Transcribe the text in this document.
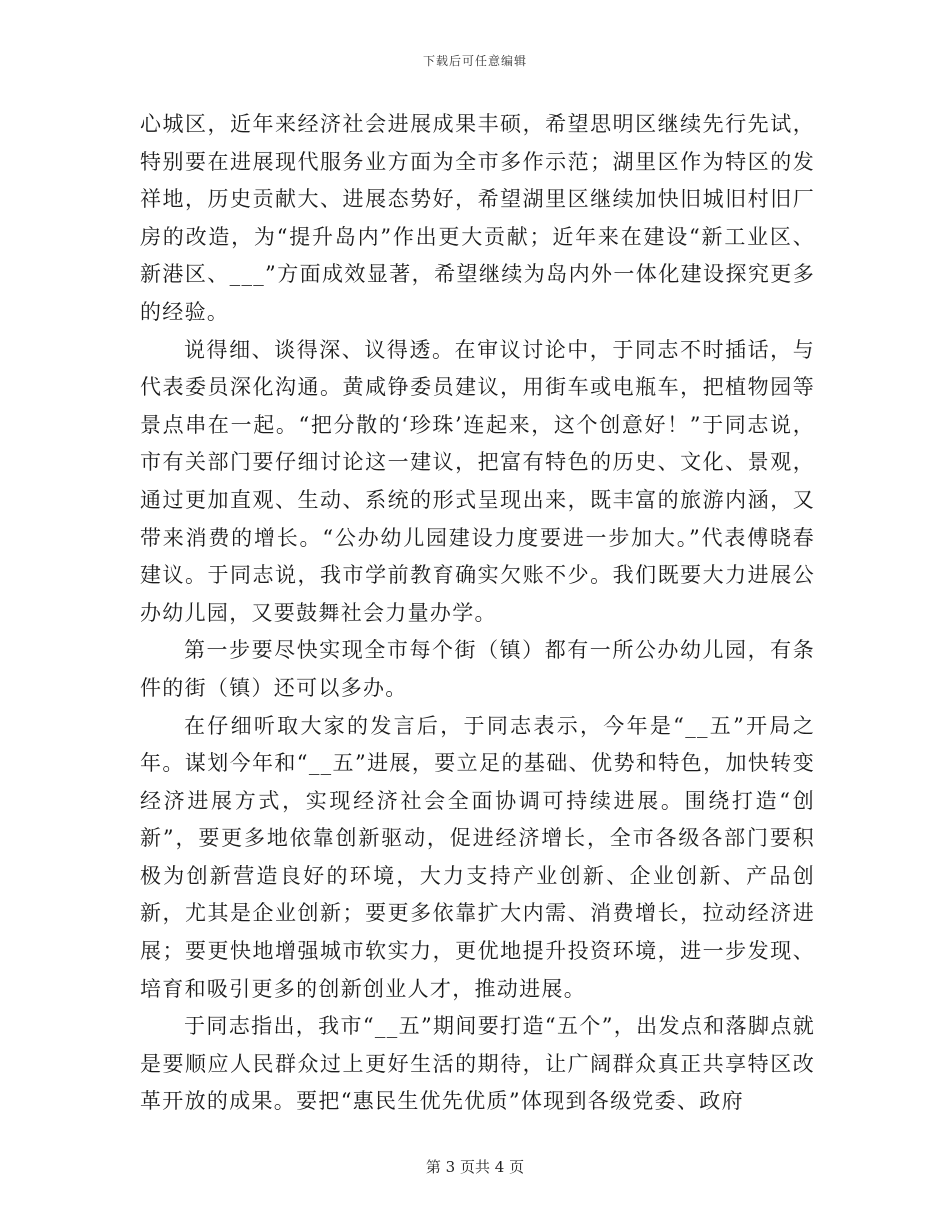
下载后可任意编辑

心城区，近年来经济社会进展成果丰硕，希望思明区继续先行先试，特别要在进展现代服务业方面为全市多作示范；湖里区作为特区的发祥地，历史贡献大、进展态势好，希望湖里区继续加快旧城旧村旧厂房的改造，为“提升岛内”作出更大贡献；近年来在建设“新工业区、新港区、___”方面成效显著，希望继续为岛内外一体化建设探究更多的经验。

说得细、谈得深、议得透。在审议讨论中，于同志不时插话，与代表委员深化沟通。黄咸铮委员建议，用街车或电瓶车，把植物园等景点串在一起。“把分散的‘珍珠’连起来，这个创意好！”于同志说，市有关部门要仔细讨论这一建议，把富有特色的历史、文化、景观，通过更加直观、生动、系统的形式呈现出来，既丰富的旅游内涵，又带来消费的增长。“公办幼儿园建设力度要进一步加大。”代表傅晓春建议。于同志说，我市学前教育确实欠账不少。我们既要大力进展公办幼儿园，又要鼓舞社会力量办学。

第一步要尽快实现全市每个街（镇）都有一所公办幼儿园，有条件的街（镇）还可以多办。

在仔细听取大家的发言后，于同志表示，今年是“__五”开局之年。谋划今年和“__五”进展，要立足的基础、优势和特色，加快转变经济进展方式，实现经济社会全面协调可持续进展。围绕打造“创新”，要更多地依靠创新驱动，促进经济增长，全市各级各部门要积极为创新营造良好的环境，大力支持产业创新、企业创新、产品创新，尤其是企业创新；要更多依靠扩大内需、消费增长，拉动经济进展；要更快地增强城市软实力，更优地提升投资环境，进一步发现、培育和吸引更多的创新创业人才，推动进展。

于同志指出，我市“__五”期间要打造“五个”，出发点和落脚点就是要顺应人民群众过上更好生活的期待，让广阔群众真正共享特区改革开放的成果。要把“惠民生优先优质”体现到各级党委、政府

第 3 页共 4 页
